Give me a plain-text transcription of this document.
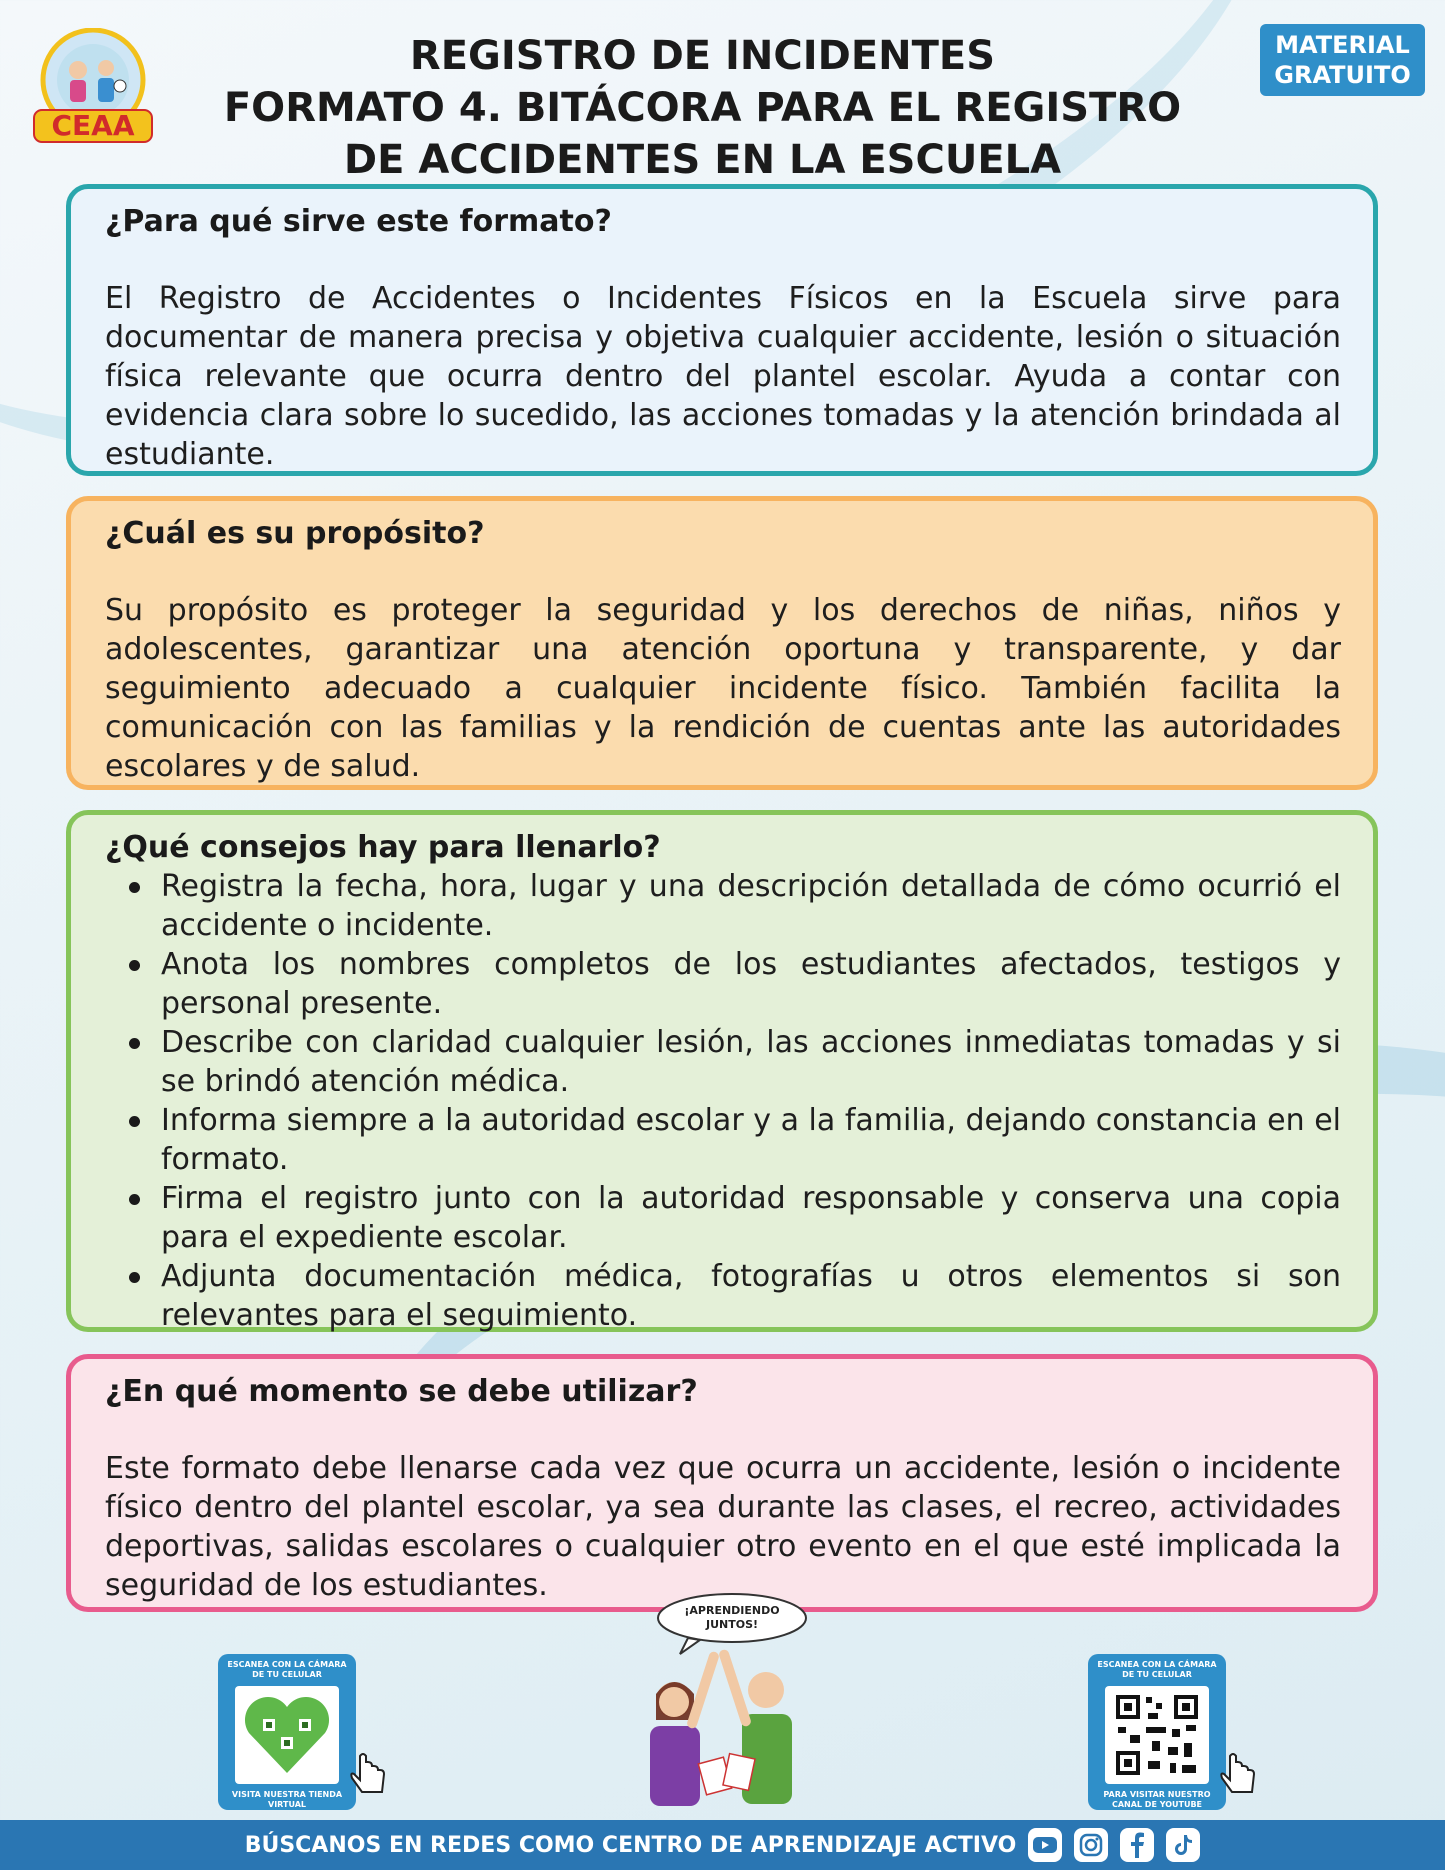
CEAA
MATERIAL
GRATUITO
REGISTRO DE INCIDENTES
FORMATO 4. BITÁCORA PARA EL REGISTRO
DE ACCIDENTES EN LA ESCUELA
¿Para qué sirve este formato?

El Registro de Accidentes o Incidentes Físicos en la Escuela sirve para documentar de manera precisa y objetiva cualquier accidente, lesión o situación física relevante que ocurra dentro del plantel escolar. Ayuda a contar con evidencia clara sobre lo sucedido, las acciones tomadas y la atención brindada al estudiante.

¿Cuál es su propósito?

Su propósito es proteger la seguridad y los derechos de niñas, niños y adolescentes, garantizar una atención oportuna y transparente, y dar seguimiento adecuado a cualquier incidente físico. También facilita la comunicación con las familias y la rendición de cuentas ante las autoridades escolares y de salud.

¿Qué consejos hay para llenarlo?
Registra la fecha, hora, lugar y una descripción detallada de cómo ocurrió el accidente o incidente.
Anota los nombres completos de los estudiantes afectados, testigos y personal presente.
Describe con claridad cualquier lesión, las acciones inmediatas tomadas y si se brindó atención médica.
Informa siempre a la autoridad escolar y a la familia, dejando constancia en el formato.
Firma el registro junto con la autoridad responsable y conserva una copia para el expediente escolar.
Adjunta documentación médica, fotografías u otros elementos si son relevantes para el seguimiento.
¿En qué momento se debe utilizar?

Este formato debe llenarse cada vez que ocurra un accidente, lesión o incidente físico dentro del plantel escolar, ya sea durante las clases, el recreo, actividades deportivas, salidas escolares o cualquier otro evento en el que esté implicada la seguridad de los estudiantes.

ESCANEA CON LA CÁMARA DE TU CELULAR
VISITA NUESTRA TIENDA VIRTUAL
¡APRENDIENDO
JUNTOS!
ESCANEA CON LA CÁMARA DE TU CELULAR
PARA VISITAR NUESTRO CANAL DE YOUTUBE
BÚSCANOS EN REDES COMO CENTRO DE APRENDIZAJE ACTIVO
